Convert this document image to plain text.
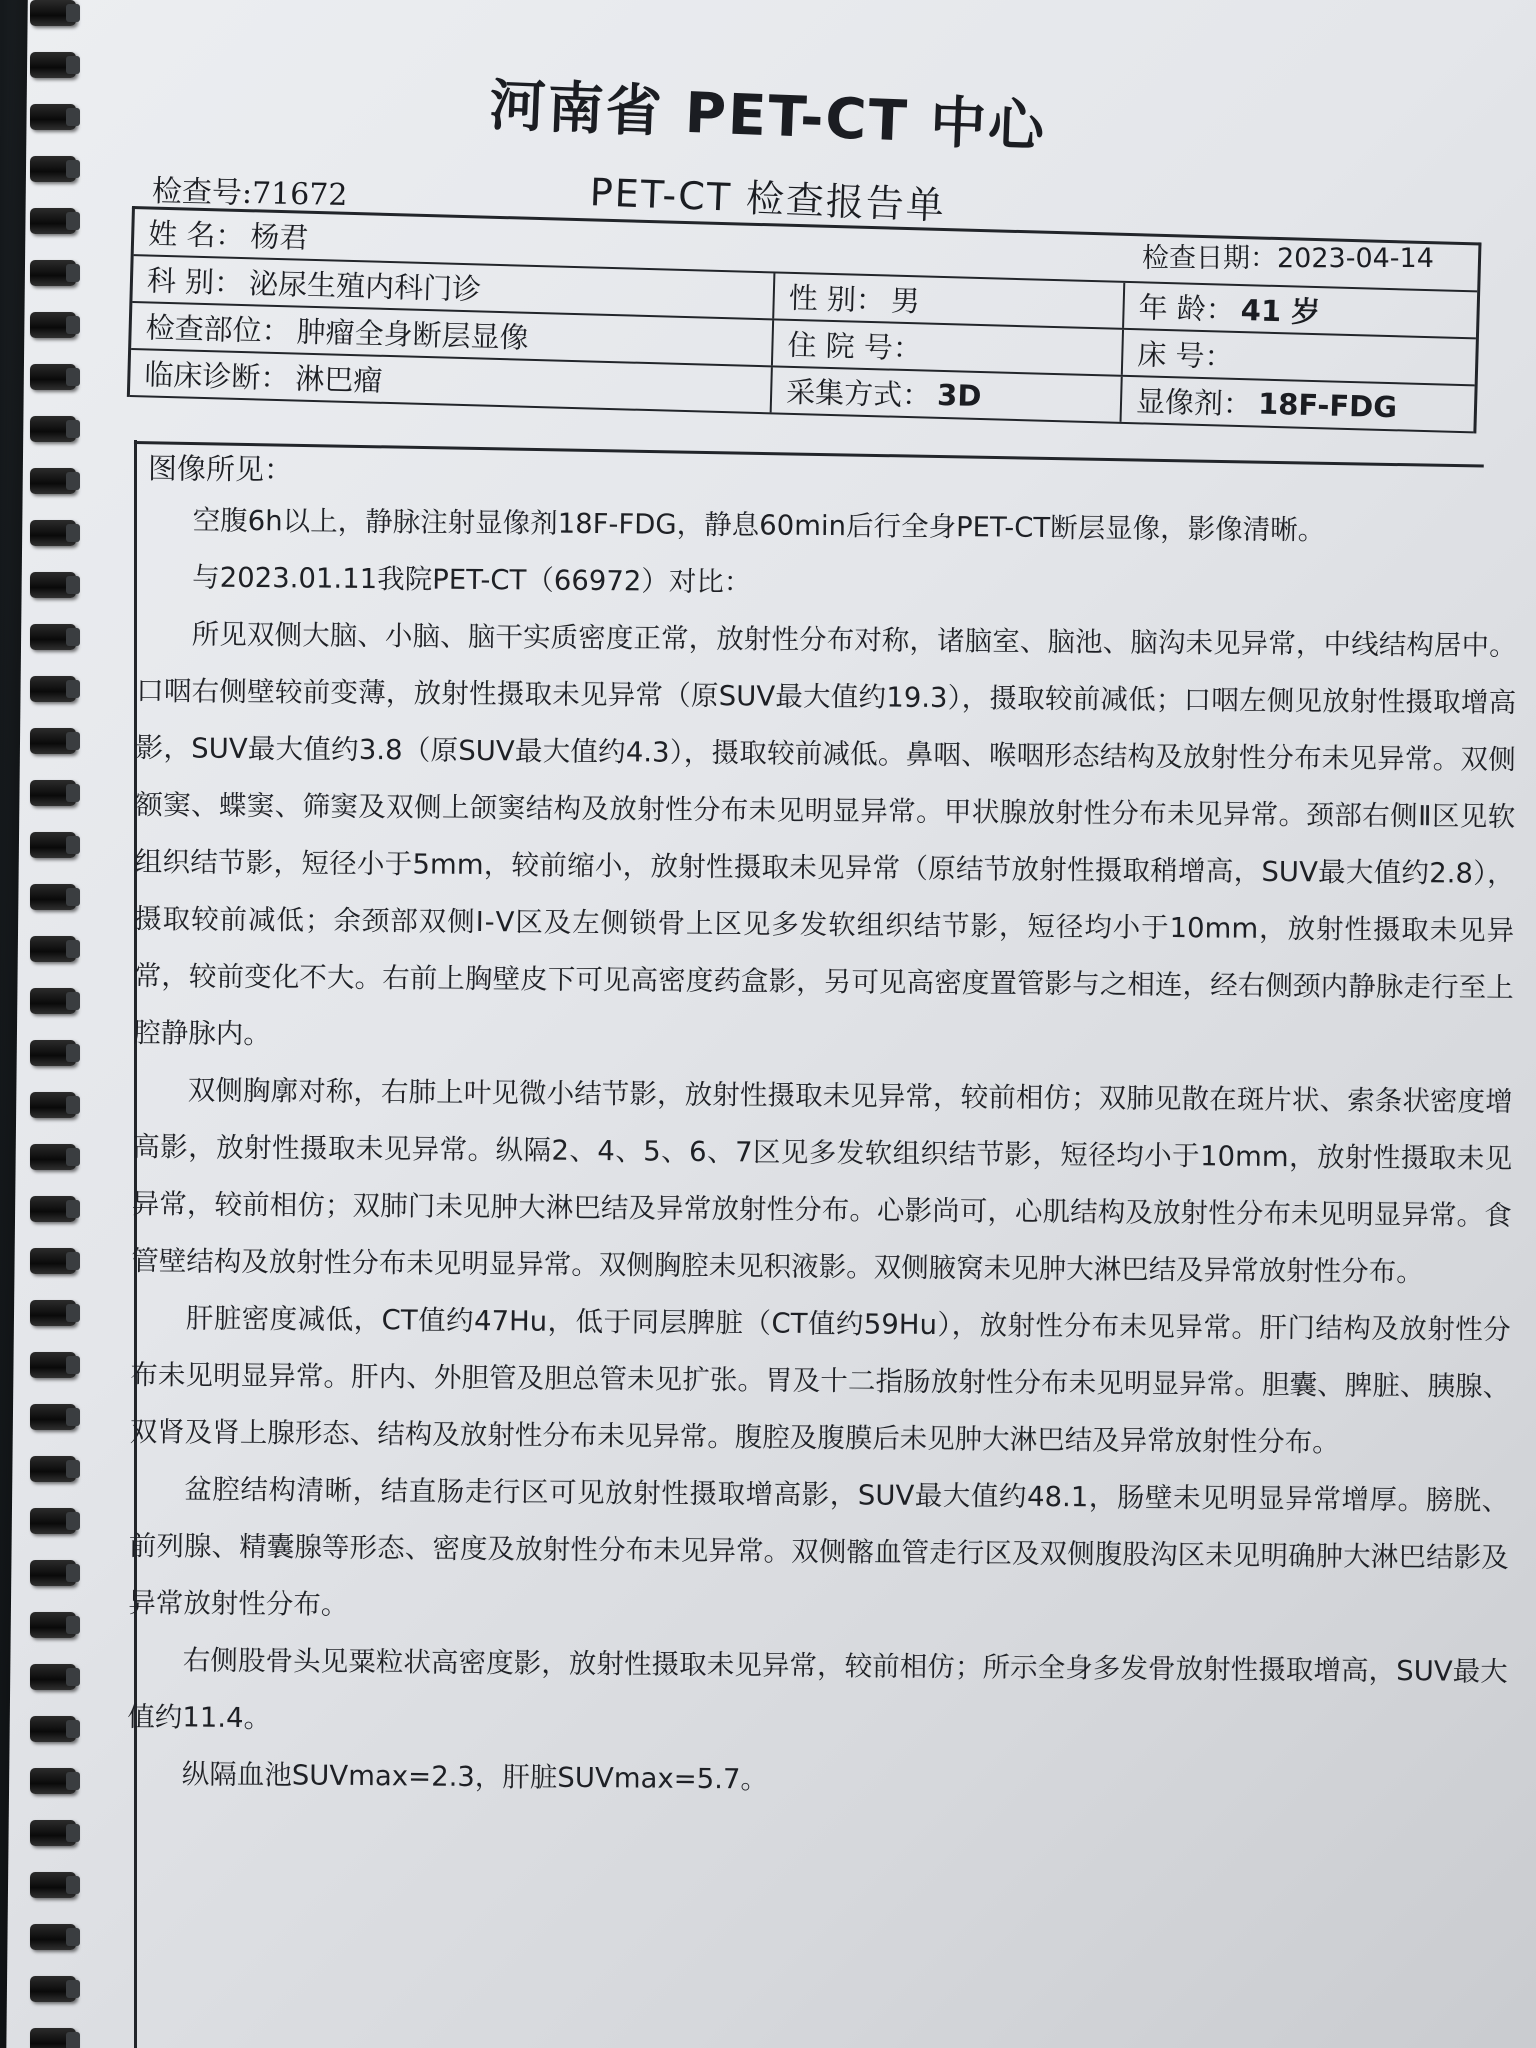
河南省 PET-CT 中心
PET-CT 检查报告单
检查号:71672
检查日期：2023-04-14
姓 名： 杨君
科 别： 泌尿生殖内科门诊	性 别： 男	年 龄： 41 岁
检查部位： 肿瘤全身断层显像	住 院 号：	床 号：
临床诊断： 淋巴瘤	采集方式： 3D	显像剂： 18F-FDG
图像所见：

空腹6h以上，静脉注射显像剂18F-FDG，静息60min后行全身PET-CT断层显像，影像清晰。

与2023.01.11我院PET-CT（66972）对比：

所见双侧大脑、小脑、脑干实质密度正常，放射性分布对称，诸脑室、脑池、脑沟未见异常，中线结构居中。口咽右侧壁较前变薄，放射性摄取未见异常（原SUV最大值约19.3），摄取较前减低；口咽左侧见放射性摄取增高影，SUV最大值约3.8（原SUV最大值约4.3），摄取较前减低。鼻咽、喉咽形态结构及放射性分布未见异常。双侧额窦、蝶窦、筛窦及双侧上颌窦结构及放射性分布未见明显异常。甲状腺放射性分布未见异常。颈部右侧Ⅱ区见软组织结节影，短径小于5mm，较前缩小，放射性摄取未见异常（原结节放射性摄取稍增高，SUV最大值约2.8），摄取较前减低；余颈部双侧Ⅰ-Ⅴ区及左侧锁骨上区见多发软组织结节影，短径均小于10mm，放射性摄取未见异常，较前变化不大。右前上胸壁皮下可见高密度药盒影，另可见高密度置管影与之相连，经右侧颈内静脉走行至上腔静脉内。

双侧胸廓对称，右肺上叶见微小结节影，放射性摄取未见异常，较前相仿；双肺见散在斑片状、索条状密度增高影，放射性摄取未见异常。纵隔2、4、5、6、7区见多发软组织结节影，短径均小于10mm，放射性摄取未见异常，较前相仿；双肺门未见肿大淋巴结及异常放射性分布。心影尚可，心肌结构及放射性分布未见明显异常。食管壁结构及放射性分布未见明显异常。双侧胸腔未见积液影。双侧腋窝未见肿大淋巴结及异常放射性分布。

肝脏密度减低，CT值约47Hu，低于同层脾脏（CT值约59Hu），放射性分布未见异常。肝门结构及放射性分布未见明显异常。肝内、外胆管及胆总管未见扩张。胃及十二指肠放射性分布未见明显异常。胆囊、脾脏、胰腺、双肾及肾上腺形态、结构及放射性分布未见异常。腹腔及腹膜后未见肿大淋巴结及异常放射性分布。

盆腔结构清晰，结直肠走行区可见放射性摄取增高影，SUV最大值约48.1，肠壁未见明显异常增厚。膀胱、前列腺、精囊腺等形态、密度及放射性分布未见异常。双侧髂血管走行区及双侧腹股沟区未见明确肿大淋巴结影及异常放射性分布。

右侧股骨头见粟粒状高密度影，放射性摄取未见异常，较前相仿；所示全身多发骨放射性摄取增高，SUV最大值约11.4。

纵隔血池SUVmax=2.3，肝脏SUVmax=5.7。
